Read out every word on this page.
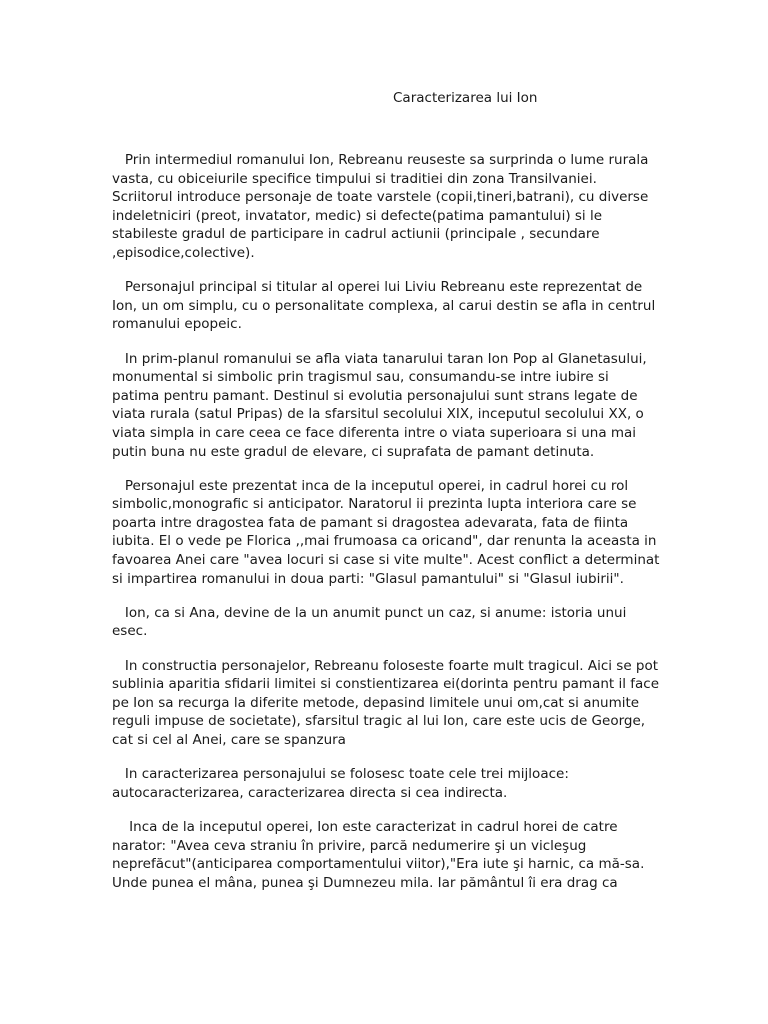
Caracterizarea lui Ion

Prin intermediul romanului Ion, Rebreanu reuseste sa surprinda o lume rurala vasta, cu obiceiurile specifice timpului si traditiei din zona Transilvaniei. Scriitorul introduce personaje de toate varstele (copii,tineri,batrani), cu diverse indeletniciri (preot, invatator, medic) si defecte(patima pamantului) si le stabileste gradul de participare in cadrul actiunii (principale , secundare ,episodice,colective).

Personajul principal si titular al operei lui Liviu Rebreanu este reprezentat de Ion, un om simplu, cu o personalitate complexa, al carui destin se afla in centrul romanului epopeic.

In prim-planul romanului se afla viata tanarului taran Ion Pop al Glanetasului, monumental si simbolic prin tragismul sau, consumandu-se intre iubire si patima pentru pamant. Destinul si evolutia personajului sunt strans legate de viata rurala (satul Pripas) de la sfarsitul secolului XIX, inceputul secolului XX, o viata simpla in care ceea ce face diferenta intre o viata superioara si una mai putin buna nu este gradul de elevare, ci suprafata de pamant detinuta.

Personajul este prezentat inca de la inceputul operei, in cadrul horei cu rol simbolic,monografic si anticipator. Naratorul ii prezinta lupta interiora care se poarta intre dragostea fata de pamant si dragostea adevarata, fata de fiinta iubita. El o vede pe Florica ,,mai frumoasa ca oricand", dar renunta la aceasta in favoarea Anei care "avea locuri si case si vite multe". Acest conflict a determinat si impartirea romanului in doua parti: "Glasul pamantului" si "Glasul iubirii".

Ion, ca si Ana, devine de la un anumit punct un caz, si anume: istoria unui esec.

In constructia personajelor, Rebreanu foloseste foarte mult tragicul. Aici se pot sublinia aparitia sfidarii limitei si constientizarea ei(dorinta pentru pamant il face pe Ion sa recurga la diferite metode, depasind limitele unui om,cat si anumite reguli impuse de societate), sfarsitul tragic al lui Ion, care este ucis de George, cat si cel al Anei, care se spanzura

In caracterizarea personajului se folosesc toate cele trei mijloace: autocaracterizarea, caracterizarea directa si cea indirecta.

Inca de la inceputul operei, Ion este caracterizat in cadrul horei de catre narator: "Avea ceva straniu în privire, parcă nedumerire şi un vicleşug neprefăcut"(anticiparea comportamentului viitor),"Era iute şi harnic, ca mă-sa. Unde punea el mâna, punea şi Dumnezeu mila. Iar pământul îi era drag ca
